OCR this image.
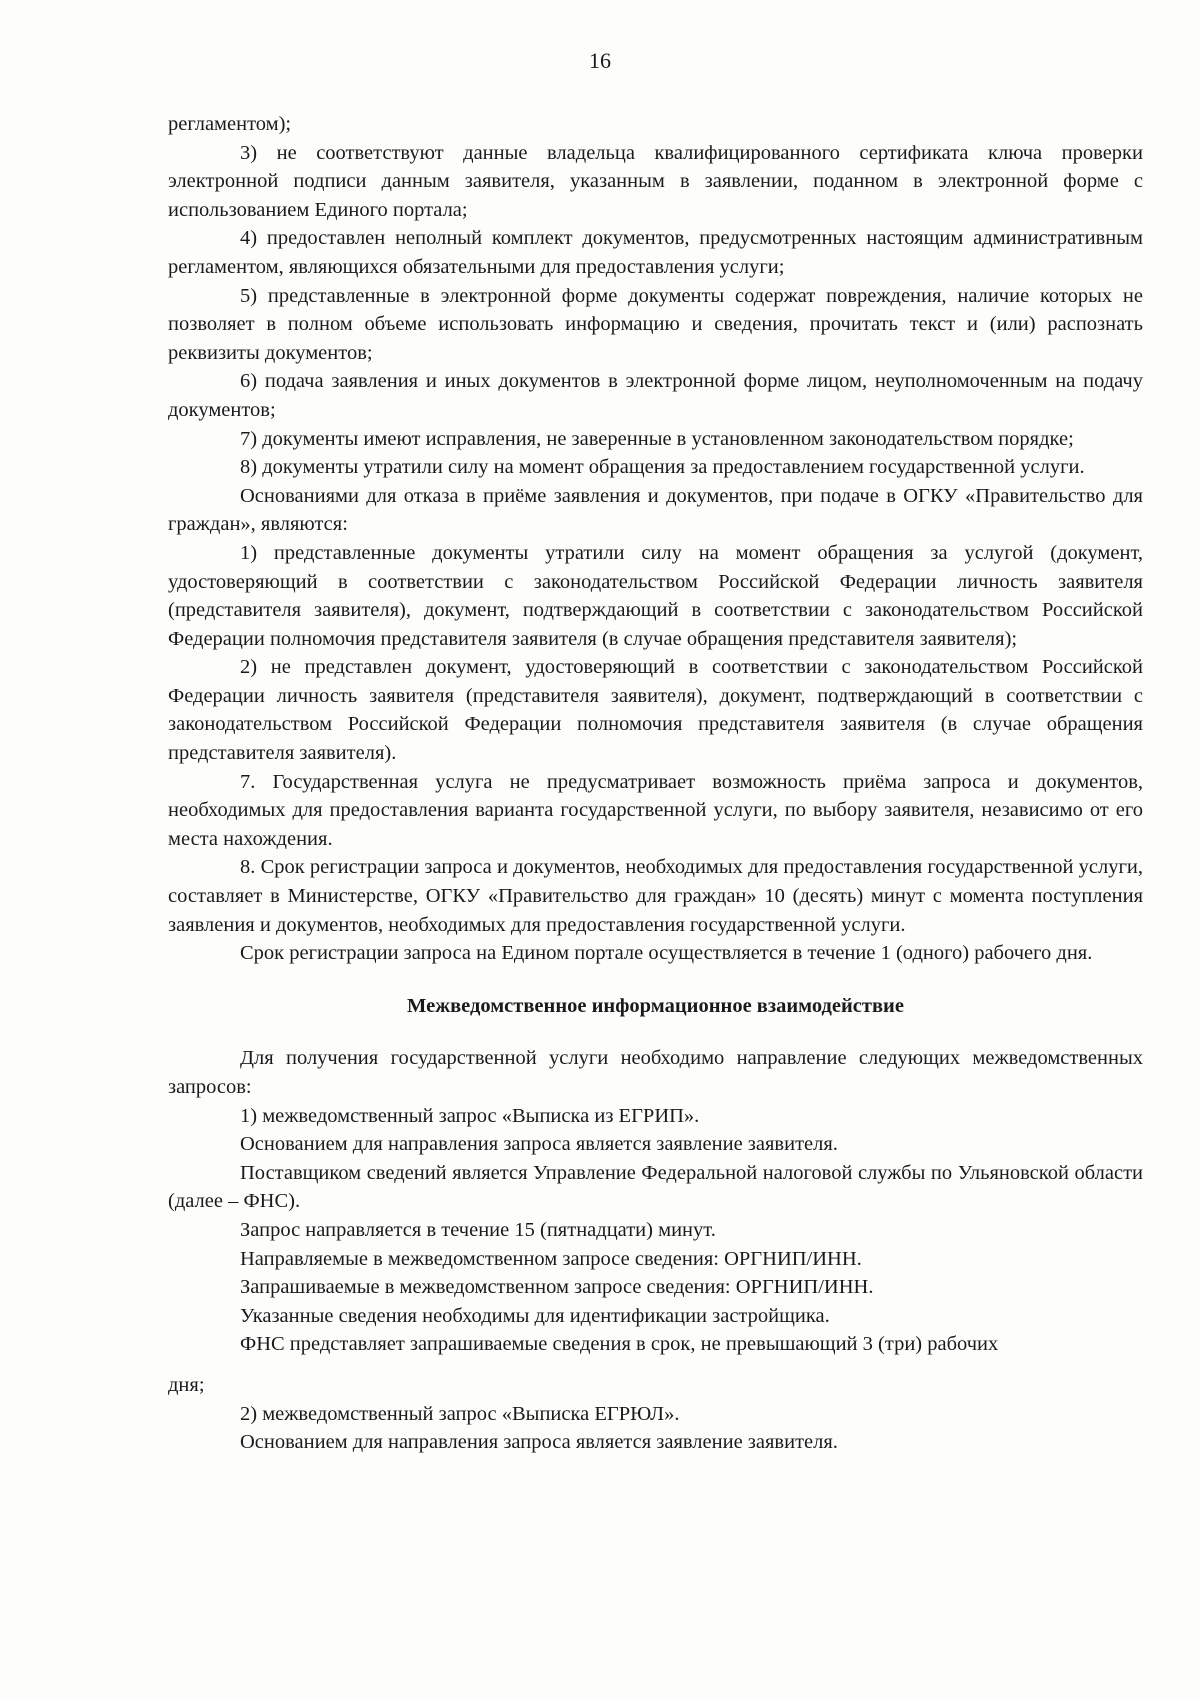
16

регламентом);

3) не соответствуют данные владельца квалифицированного сертификата ключа проверки электронной подписи данным заявителя, указанным в заявлении, поданном в электронной форме с использованием Единого портала;

4) предоставлен неполный комплект документов, предусмотренных настоящим административным регламентом, являющихся обязательными для предоставления услуги;

5) представленные в электронной форме документы содержат повреждения, наличие которых не позволяет в полном объеме использовать информацию и сведения, прочитать текст и (или) распознать реквизиты документов;

6) подача заявления и иных документов в электронной форме лицом, неуполномоченным на подачу документов;

7) документы имеют исправления, не заверенные в установленном законодательством порядке;

8) документы утратили силу на момент обращения за предоставлением государственной услуги.

Основаниями для отказа в приёме заявления и документов, при подаче в ОГКУ «Правительство для граждан», являются:

1) представленные документы утратили силу на момент обращения за услугой (документ, удостоверяющий в соответствии с законодательством Российской Федерации личность заявителя (представителя заявителя), документ, подтверждающий в соответствии с законодательством Российской Федерации полномочия представителя заявителя (в случае обращения представителя заявителя);

2) не представлен документ, удостоверяющий в соответствии с законодательством Российской Федерации личность заявителя (представителя заявителя), документ, подтверждающий в соответствии с законодательством Российской Федерации полномочия представителя заявителя (в случае обращения представителя заявителя).

7. Государственная услуга не предусматривает возможность приёма запроса и документов, необходимых для предоставления варианта государственной услуги, по выбору заявителя, независимо от его места нахождения.

8. Срок регистрации запроса и документов, необходимых для предоставления государственной услуги, составляет в Министерстве, ОГКУ «Правительство для граждан» 10 (десять) минут с момента поступления заявления и документов, необходимых для предоставления государственной услуги.

Срок регистрации запроса на Едином портале осуществляется в течение 1 (одного) рабочего дня.

Межведомственное информационное взаимодействие

Для получения государственной услуги необходимо направление следующих межведомственных запросов:

1) межведомственный запрос «Выписка из ЕГРИП».

Основанием для направления запроса является заявление заявителя.

Поставщиком сведений является Управление Федеральной налоговой службы по Ульяновской области (далее – ФНС).

Запрос направляется в течение 15 (пятнадцати) минут.

Направляемые в межведомственном запросе сведения: ОРГНИП/ИНН.

Запрашиваемые в межведомственном запросе сведения: ОРГНИП/ИНН.

Указанные сведения необходимы для идентификации застройщика.

ФНС представляет запрашиваемые сведения в срок, не превышающий 3 (три) рабочих

дня;

2) межведомственный запрос «Выписка ЕГРЮЛ».

Основанием для направления запроса является заявление заявителя.
